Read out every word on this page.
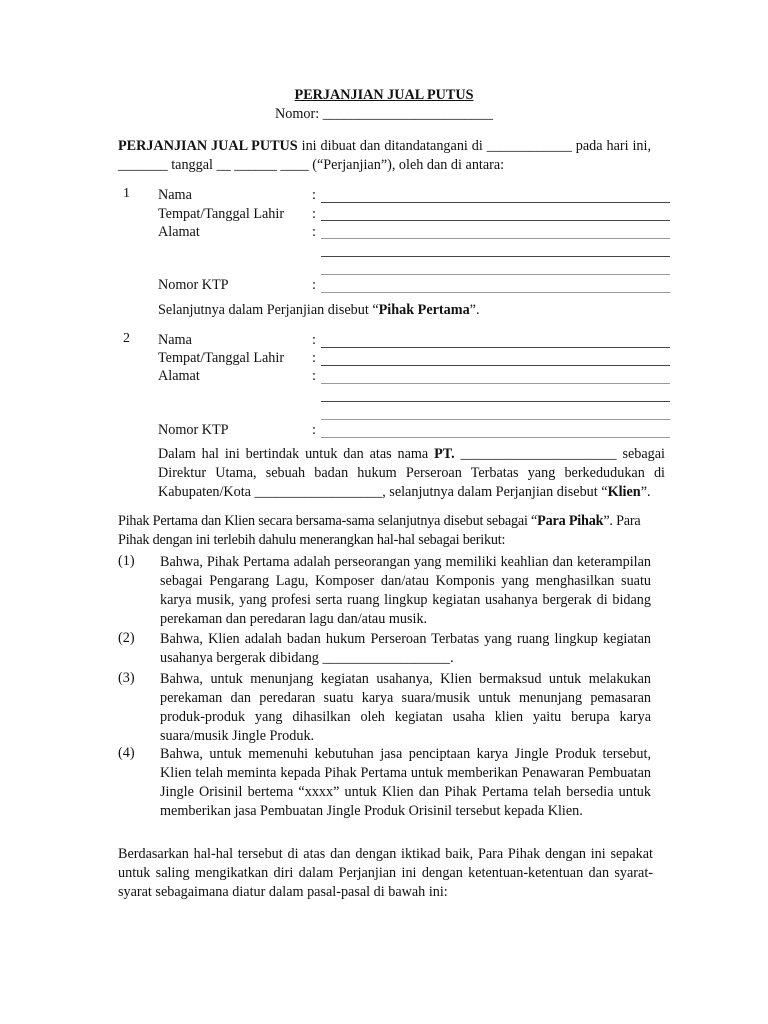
PERJANJIAN JUAL PUTUS
Nomor: ________________________
PERJANJIAN JUAL PUTUS ini dibuat dan ditandatangani di ____________ pada hari ini, _______ tanggal __ ______ ____ (“Perjanjian”), oleh dan di antara:
1 Nama
Tempat/Tanggal Lahir
Alamat
Nomor KTP
:
:
:
:
Selanjutnya dalam Perjanjian disebut “Pihak Pertama”.
2 Nama
Tempat/Tanggal Lahir
Alamat
Nomor KTP
:
:
:
:
Dalam hal ini bertindak untuk dan atas nama PT. ______________________ sebagai Direktur Utama, sebuah badan hukum Perseroan Terbatas yang berkedudukan di Kabupaten/Kota __________________, selanjutnya dalam Perjanjian disebut “Klien”.
Pihak Pertama dan Klien secara bersama-sama selanjutnya disebut sebagai “Para Pihak”. Para Pihak dengan ini terlebih dahulu menerangkan hal-hal sebagai berikut:
(1) Bahwa, Pihak Pertama adalah perseorangan yang memiliki keahlian dan keterampilan sebagai Pengarang Lagu, Komposer dan/atau Komponis yang menghasilkan suatu karya musik, yang profesi serta ruang lingkup kegiatan usahanya bergerak di bidang perekaman dan peredaran lagu dan/atau musik.
(2) Bahwa, Klien adalah badan hukum Perseroan Terbatas yang ruang lingkup kegiatan usahanya bergerak dibidang __________________.
(3) Bahwa, untuk menunjang kegiatan usahanya, Klien bermaksud untuk melakukan perekaman dan peredaran suatu karya suara/musik untuk menunjang pemasaran produk-produk yang dihasilkan oleh kegiatan usaha klien yaitu berupa karya suara/musik Jingle Produk.
(4) Bahwa, untuk memenuhi kebutuhan jasa penciptaan karya Jingle Produk tersebut, Klien telah meminta kepada Pihak Pertama untuk memberikan Penawaran Pembuatan Jingle Orisinil bertema “xxxx” untuk Klien dan Pihak Pertama telah bersedia untuk memberikan jasa Pembuatan Jingle Produk Orisinil tersebut kepada Klien.
Berdasarkan hal-hal tersebut di atas dan dengan iktikad baik, Para Pihak dengan ini sepakat untuk saling mengikatkan diri dalam Perjanjian ini dengan ketentuan-ketentuan dan syarat-syarat sebagaimana diatur dalam pasal-pasal di bawah ini:
